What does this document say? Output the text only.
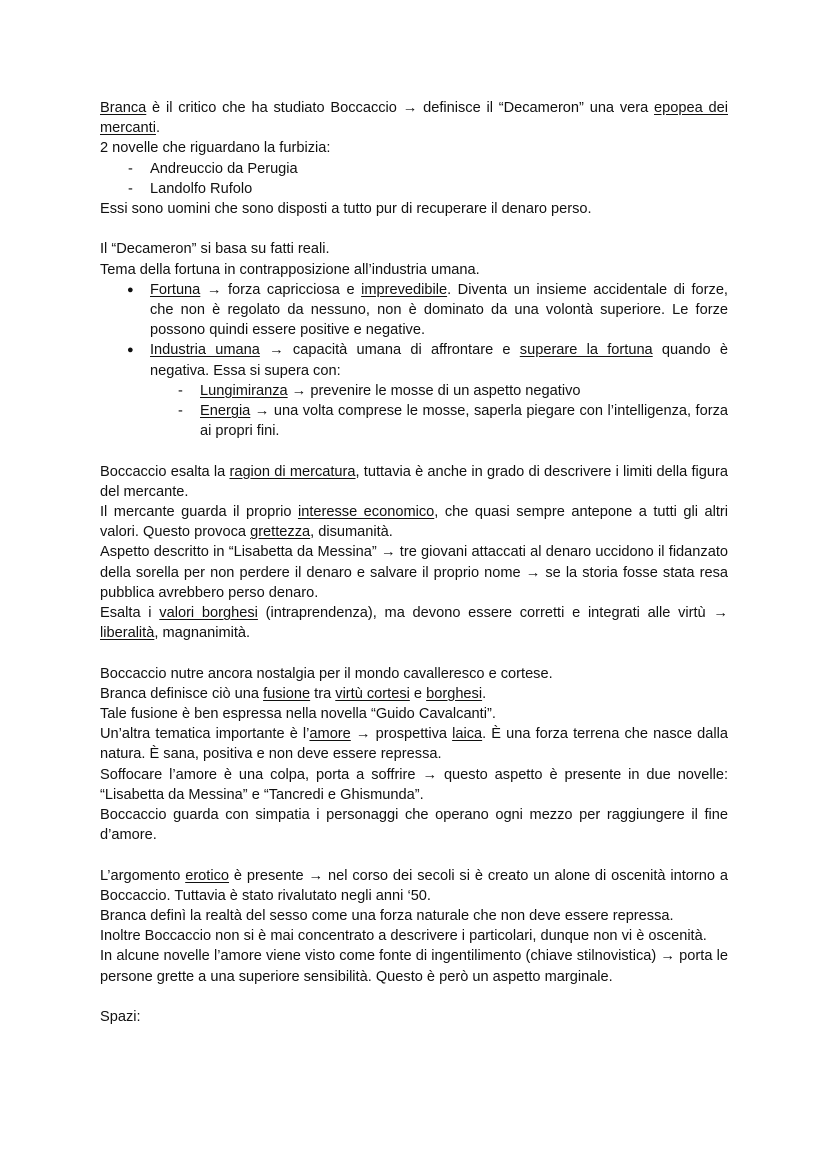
Branca è il critico che ha studiato Boccaccio → definisce il “Decameron” una vera epopea dei mercanti.

2 novelle che riguardano la furbizia:

- Andreuccio da Perugia
- Landolfo Rufolo

Essi sono uomini che sono disposti a tutto pur di recuperare il denaro perso.

Il “Decameron” si basa su fatti reali.

Tema della fortuna in contrapposizione all’industria umana.

● Fortuna → forza capricciosa e imprevedibile. Diventa un insieme accidentale di forze, che non è regolato da nessuno, non è dominato da una volontà superiore. Le forze possono quindi essere positive e negative.
● Industria umana → capacità umana di affrontare e superare la fortuna quando è negativa. Essa si supera con:
- Lungimiranza → prevenire le mosse di un aspetto negativo
- Energia → una volta comprese le mosse, saperla piegare con l’intelligenza, forza ai propri fini.

Boccaccio esalta la ragion di mercatura, tuttavia è anche in grado di descrivere i limiti della figura del mercante.

Il mercante guarda il proprio interesse economico, che quasi sempre antepone a tutti gli altri valori. Questo provoca grettezza, disumanità.

Aspetto descritto in “Lisabetta da Messina” → tre giovani attaccati al denaro uccidono il fidanzato della sorella per non perdere il denaro e salvare il proprio nome → se la storia fosse stata resa pubblica avrebbero perso denaro.

Esalta i valori borghesi (intraprendenza), ma devono essere corretti e integrati alle virtù → liberalità, magnanimità.

Boccaccio nutre ancora nostalgia per il mondo cavalleresco e cortese.

Branca definisce ciò una fusione tra virtù cortesi e borghesi.

Tale fusione è ben espressa nella novella “Guido Cavalcanti”.

Un’altra tematica importante è l’amore → prospettiva laica. È una forza terrena che nasce dalla natura. È sana, positiva e non deve essere repressa.

Soffocare l’amore è una colpa, porta a soffrire → questo aspetto è presente in due novelle: “Lisabetta da Messina” e “Tancredi e Ghismunda”.

Boccaccio guarda con simpatia i personaggi che operano ogni mezzo per raggiungere il fine d’amore.

L’argomento erotico è presente → nel corso dei secoli si è creato un alone di oscenità intorno a Boccaccio. Tuttavia è stato rivalutato negli anni ‘50.

Branca definì la realtà del sesso come una forza naturale che non deve essere repressa.

Inoltre Boccaccio non si è mai concentrato a descrivere i particolari, dunque non vi è oscenità.

In alcune novelle l’amore viene visto come fonte di ingentilimento (chiave stilnovistica) → porta le persone grette a una superiore sensibilità. Questo è però un aspetto marginale.

Spazi:
